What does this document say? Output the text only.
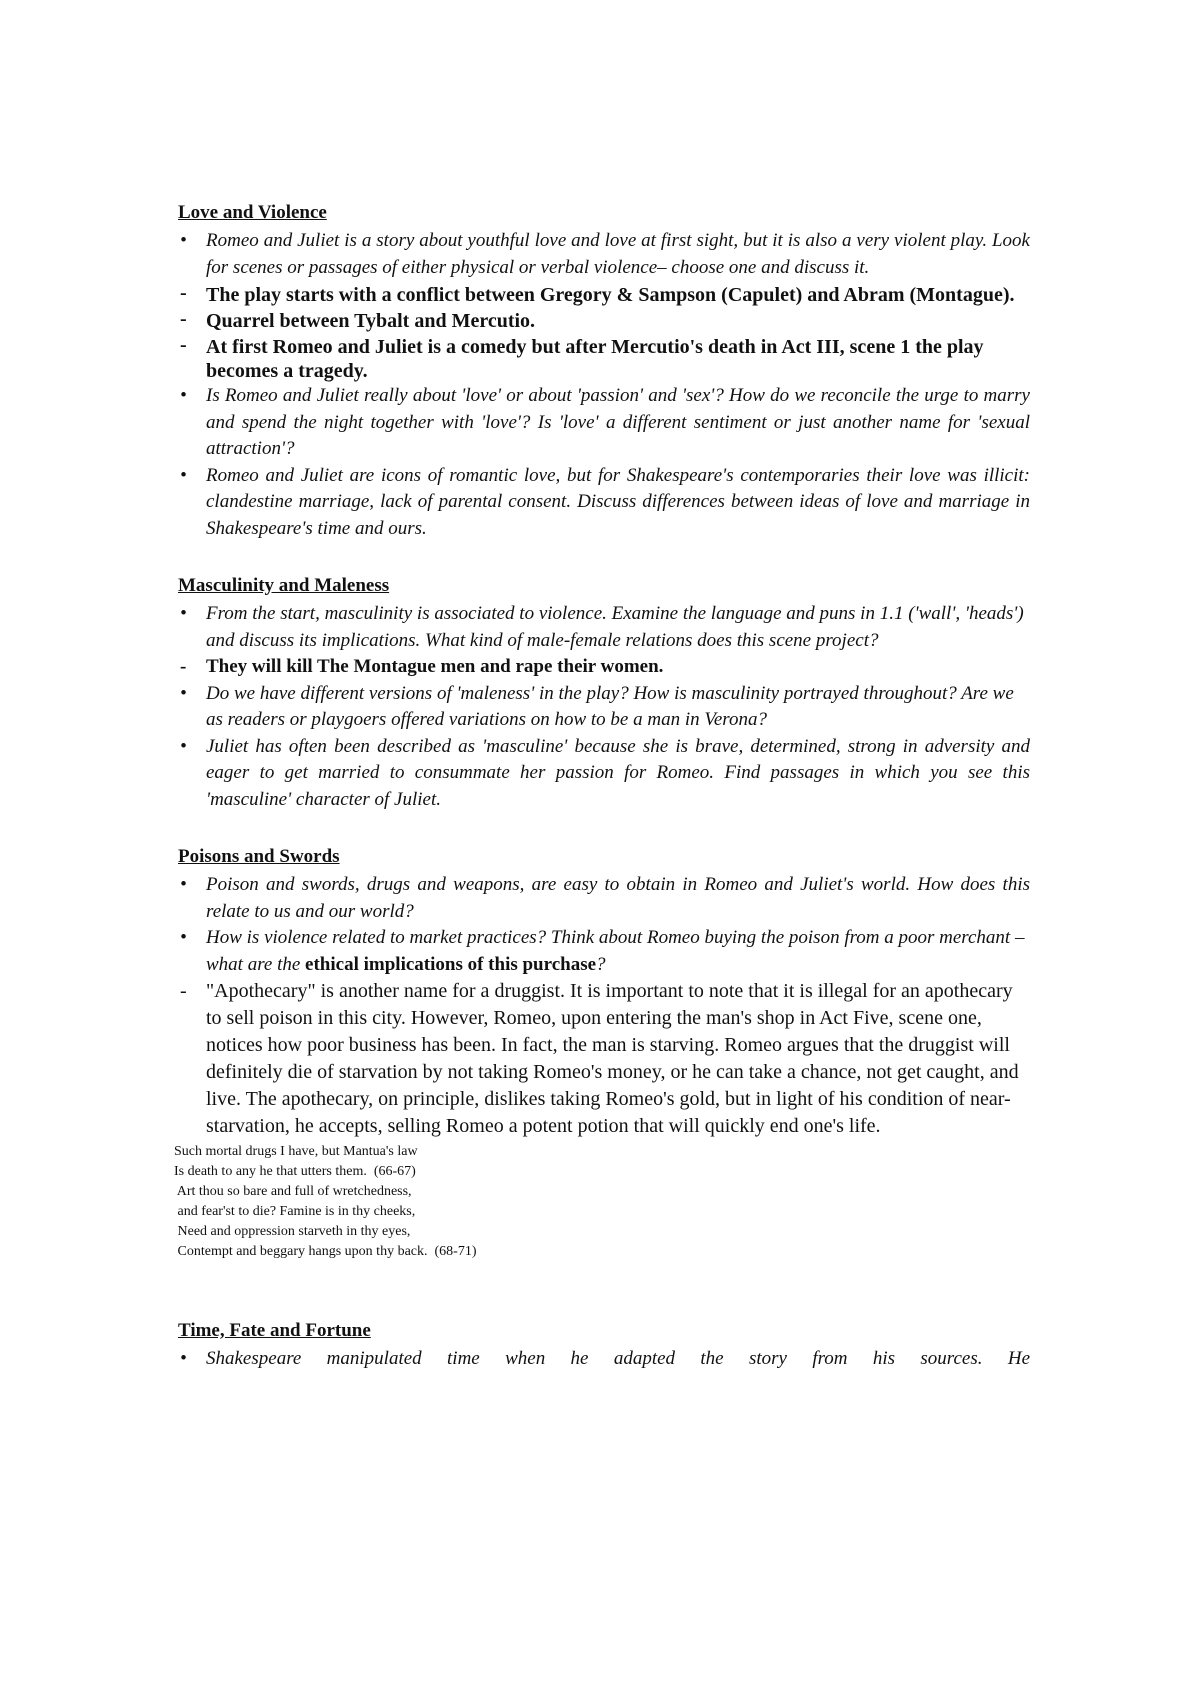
Love and Violence
•	Romeo and Juliet is a story about youthful love and love at first sight, but it is also a very violent play. Look for scenes or passages of either physical or verbal violence– choose one and discuss it.
- The play starts with a conflict between Gregory & Sampson (Capulet) and Abram (Montague).
- Quarrel between Tybalt and Mercutio.
- At first Romeo and Juliet is a comedy but after Mercutio's death in Act III, scene 1 the play becomes a tragedy.
•	Is Romeo and Juliet really about 'love' or about 'passion' and 'sex'? How do we reconcile the urge to marry and spend the night together with 'love'? Is 'love' a different sentiment or just another name for 'sexual attraction'?
•	Romeo and Juliet are icons of romantic love, but for Shakespeare's contemporaries their love was illicit: clandestine marriage, lack of parental consent. Discuss differences between ideas of love and marriage in Shakespeare's time and ours.
Masculinity and Maleness
•	From the start, masculinity is associated to violence. Examine the language and puns in 1.1 ('wall', 'heads') and discuss its implications. What kind of male-female relations does this scene project?
-	They will kill The Montague men and rape their women.
•	Do we have different versions of 'maleness' in the play? How is masculinity portrayed throughout? Are we as readers or playgoers offered variations on how to be a man in Verona?
•	Juliet has often been described as 'masculine' because she is brave, determined, strong in adversity and eager to get married to consummate her passion for Romeo. Find passages in which you see this 'masculine' character of Juliet.
Poisons and Swords
•	Poison and swords, drugs and weapons, are easy to obtain in Romeo and Juliet's world. How does this relate to us and our world?
•	How is violence related to market practices? Think about Romeo buying the poison from a poor merchant – what are the ethical implications of this purchase?
- "Apothecary" is another name for a druggist. It is important to note that it is illegal for an apothecary to sell poison in this city. However, Romeo, upon entering the man's shop in Act Five, scene one, notices how poor business has been. In fact, the man is starving. Romeo argues that the druggist will definitely die of starvation by not taking Romeo's money, or he can take a chance, not get caught, and live. The apothecary, on principle, dislikes taking Romeo's gold, but in light of his condition of near-starvation, he accepts, selling Romeo a potent potion that will quickly end one's life.
Such mortal drugs I have, but Mantua's law
Is death to any he that utters them.  (66-67)
Art thou so bare and full of wretchedness,
and fear'st to die? Famine is in thy cheeks,
Need and oppression starveth in thy eyes,
Contempt and beggary hangs upon thy back.  (68-71)
Time, Fate and Fortune
•	Shakespeare manipulated time when he adapted the story from his sources. He
